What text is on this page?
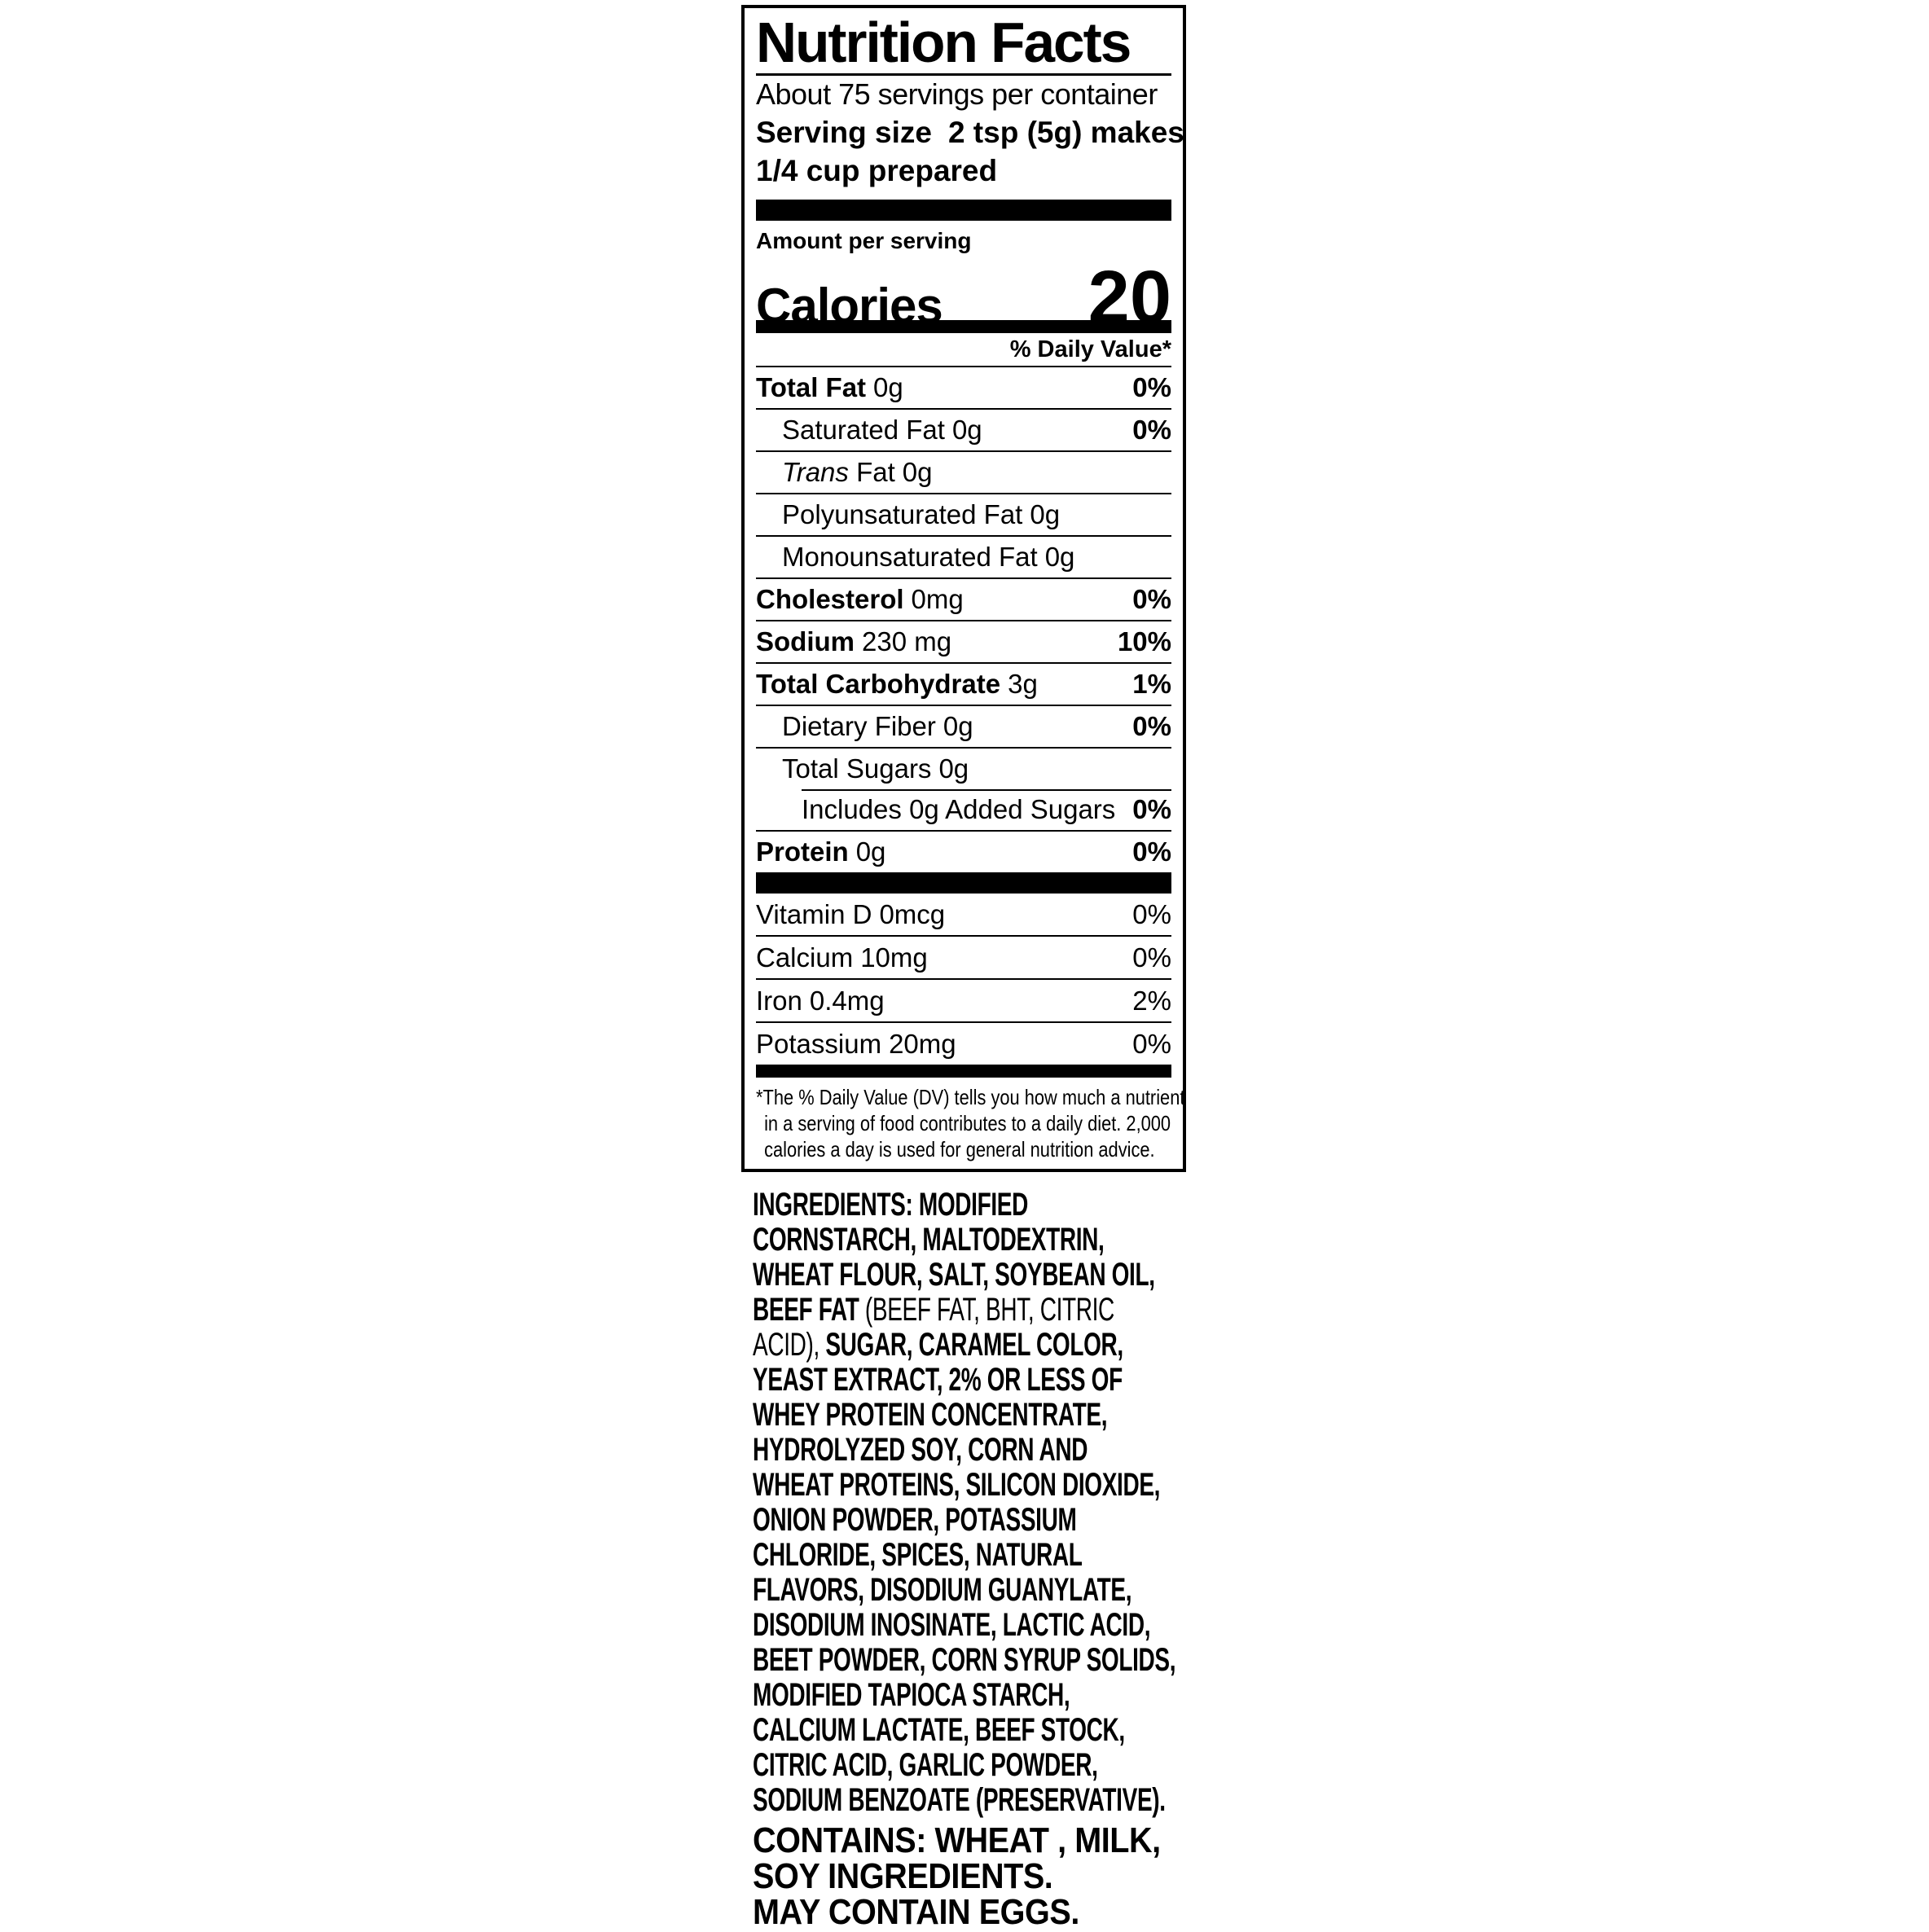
Nutrition Facts
About 75 servings per container
Serving size 2 tsp (5g) makes
1/4 cup prepared
Amount per serving
Calories 20
% Daily Value*
Total Fat 0g	0%
Saturated Fat 0g	0%
Trans Fat 0g
Polyunsaturated Fat 0g
Monounsaturated Fat 0g
Cholesterol 0mg	0%
Sodium 230 mg	10%
Total Carbohydrate 3g	1%
Dietary Fiber 0g	0%
Total Sugars 0g
Includes 0g Added Sugars 0%
Protein 0g	0%
Vitamin D 0mcg	0%
Calcium 10mg	0%
Iron 0.4mg	2%
Potassium 20mg	0%
*The % Daily Value (DV) tells you how much a nutrient
in a serving of food contributes to a daily diet. 2,000
calories a day is used for general nutrition advice.
INGREDIENTS: MODIFIED
CORNSTARCH, MALTODEXTRIN,
WHEAT FLOUR, SALT, SOYBEAN OIL,
BEEF FAT (BEEF FAT, BHT, CITRIC
ACID), SUGAR, CARAMEL COLOR,
YEAST EXTRACT, 2% OR LESS OF
WHEY PROTEIN CONCENTRATE,
HYDROLYZED SOY, CORN AND
WHEAT PROTEINS, SILICON DIOXIDE,
ONION POWDER, POTASSIUM
CHLORIDE, SPICES, NATURAL
FLAVORS, DISODIUM GUANYLATE,
DISODIUM INOSINATE, LACTIC ACID,
BEET POWDER, CORN SYRUP SOLIDS,
MODIFIED TAPIOCA STARCH,
CALCIUM LACTATE, BEEF STOCK,
CITRIC ACID, GARLIC POWDER,
SODIUM BENZOATE (PRESERVATIVE).
CONTAINS: WHEAT , MILK,
SOY INGREDIENTS.
MAY CONTAIN EGGS.
